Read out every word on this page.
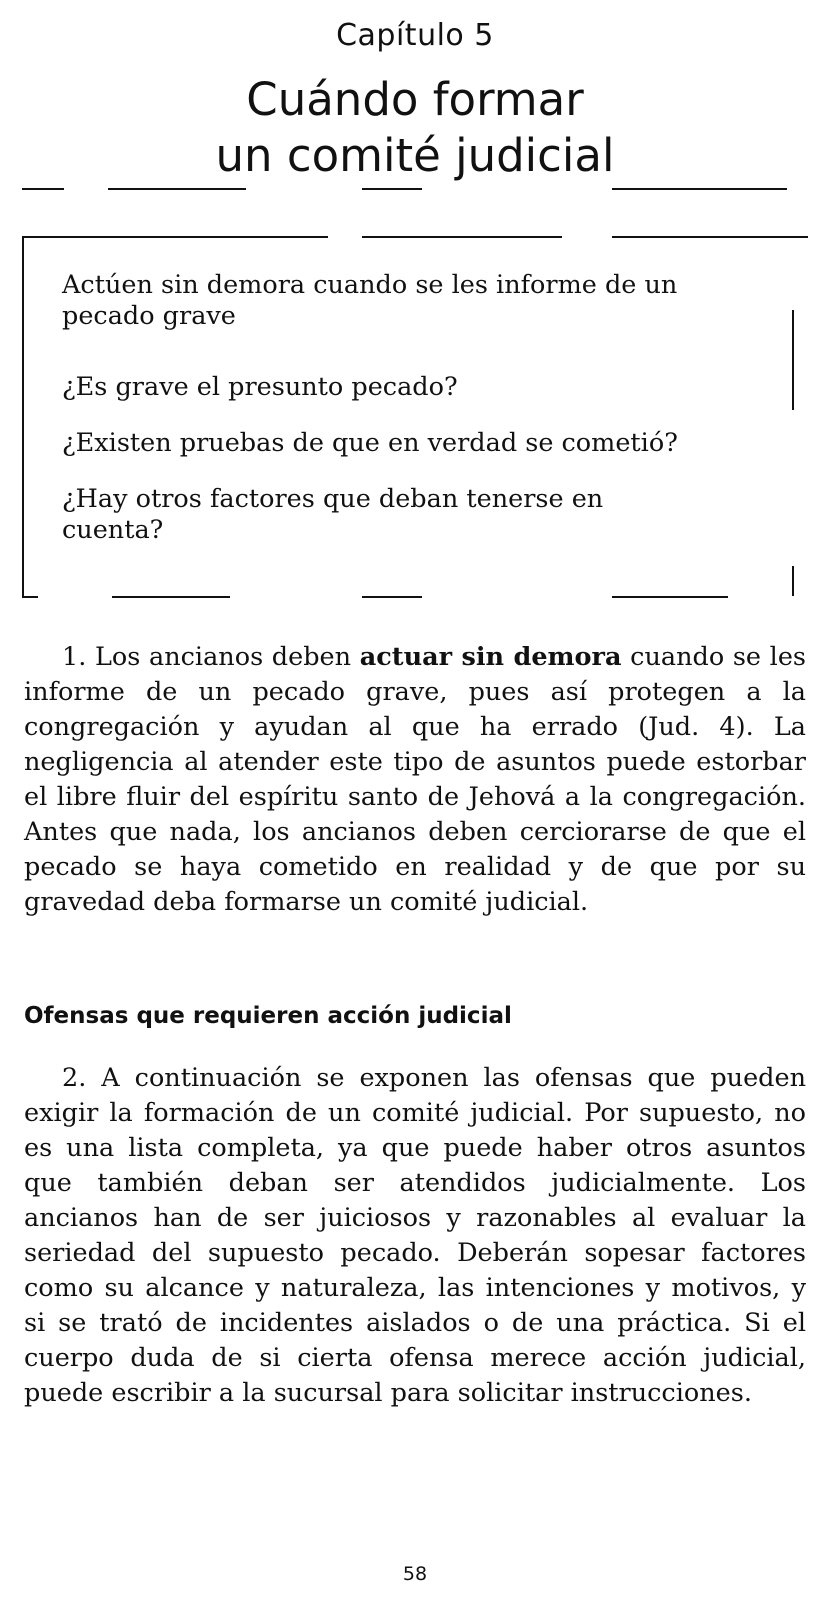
Capítulo 5
Cuándo formar
un comité judicial

Actúen sin demora cuando se les informe de un pecado grave

¿Es grave el presunto pecado?

¿Existen pruebas de que en verdad se cometió?

¿Hay otros factores que deban tenerse en cuenta?

1. Los ancianos deben actuar sin demora cuando se les informe de un pecado grave, pues así protegen a la congregación y ayudan al que ha errado (Jud. 4). La negligencia al atender este tipo de asuntos puede estorbar el libre fluir del espíritu santo de Jehová a la congregación. Antes que nada, los ancianos deben cerciorarse de que el pecado se haya cometido en realidad y de que por su gravedad deba formarse un comité judicial.

Ofensas que requieren acción judicial

2. A continuación se exponen las ofensas que pueden exigir la formación de un comité judicial. Por supuesto, no es una lista completa, ya que puede haber otros asuntos que también deban ser atendidos judicialmente. Los ancianos han de ser juiciosos y razonables al evaluar la seriedad del supuesto pecado. Deberán sopesar factores como su alcance y naturaleza, las intenciones y motivos, y si se trató de incidentes aislados o de una práctica. Si el cuerpo duda de si cierta ofensa merece acción judicial, puede escribir a la sucursal para solicitar instrucciones.

58
